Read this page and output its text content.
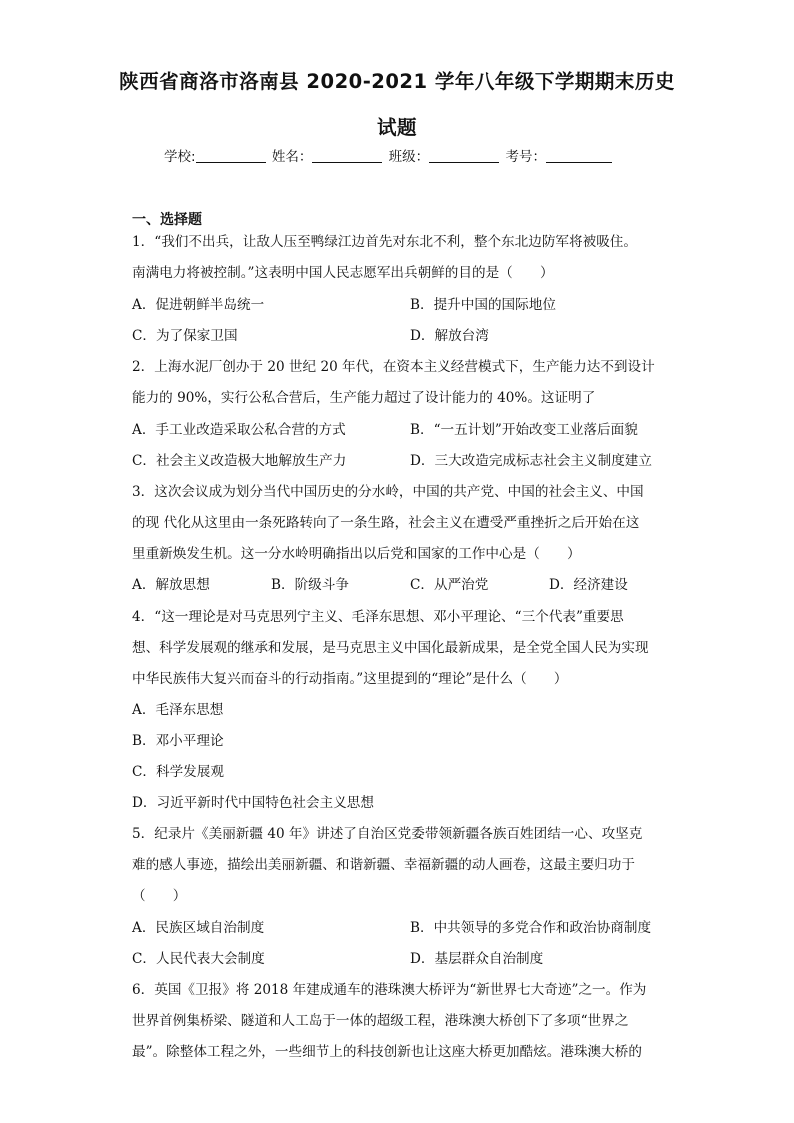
陕西省商洛市洛南县 2020-2021 学年八年级下学期期末历史
试题
学校:	姓名：	班级：	考号：
一、选择题
1．“我们不出兵，让敌人压至鸭绿江边首先对东北不利，整个东北边防军将被吸住。
南满电力将被控制。”这表明中国人民志愿军出兵朝鲜的目的是（　　）
A．促进朝鲜半岛统一	B．提升中国的国际地位
C．为了保家卫国	D．解放台湾
2．上海水泥厂创办于 20 世纪 20 年代，在资本主义经营模式下，生产能力达不到设计
能力的 90%，实行公私合营后，生产能力超过了设计能力的 40%。这证明了
A．手工业改造采取公私合营的方式	B．“一五计划”开始改变工业落后面貌
C．社会主义改造极大地解放生产力	D．三大改造完成标志社会主义制度建立
3．这次会议成为划分当代中国历史的分水岭，中国的共产党、中国的社会主义、中国
的现 代化从这里由一条死路转向了一条生路，社会主义在遭受严重挫折之后开始在这
里重新焕发生机。这一分水岭明确指出以后党和国家的工作中心是（　　）
A．解放思想	B．阶级斗争	C．从严治党	D．经济建设
4．“这一理论是对马克思列宁主义、毛泽东思想、邓小平理论、“三个代表”重要思
想、科学发展观的继承和发展，是马克思主义中国化最新成果，是全党全国人民为实现
中华民族伟大复兴而奋斗的行动指南。”这里提到的“理论”是什么（　　）
A．毛泽东思想
B．邓小平理论
C．科学发展观
D．习近平新时代中国特色社会主义思想
5．纪录片《美丽新疆 40 年》讲述了自治区党委带领新疆各族百姓团结一心、攻坚克
难的感人事迹，描绘出美丽新疆、和谐新疆、幸福新疆的动人画卷，这最主要归功于
（　　）
A．民族区域自治制度	B．中共领导的多党合作和政治协商制度
C．人民代表大会制度	D．基层群众自治制度
6．英国《卫报》将 2018 年建成通车的港珠澳大桥评为“新世界七大奇迹”之一。作为
世界首例集桥梁、隧道和人工岛于一体的超级工程，港珠澳大桥创下了多项“世界之
最”。除整体工程之外，一些细节上的科技创新也让这座大桥更加酷炫。港珠澳大桥的
